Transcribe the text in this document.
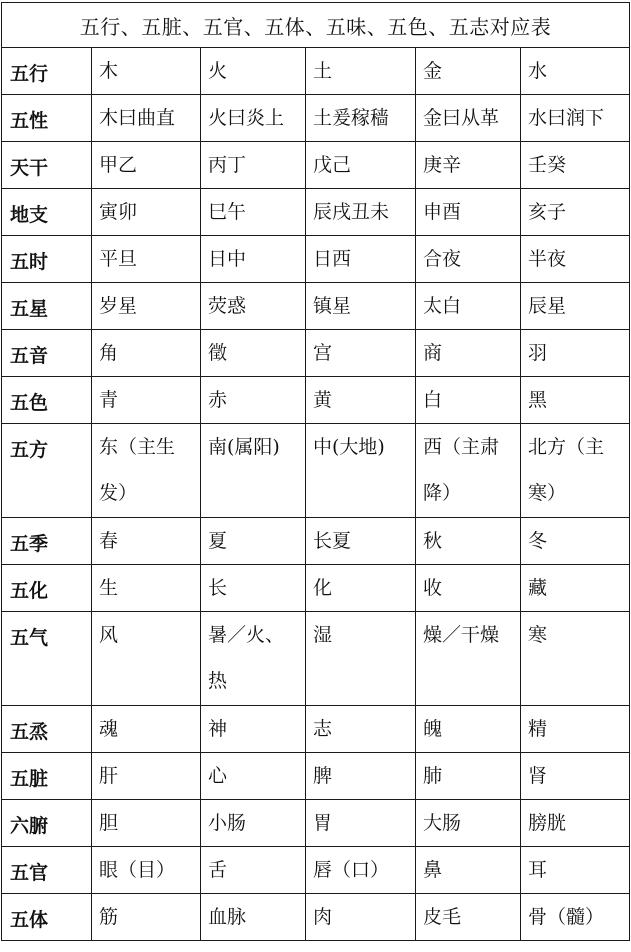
五行、五脏、五官、五体、五味、五色、五志对应表					
五行	木	火	土	金	水
五性	木曰曲直	火曰炎上	土爰稼穑	金曰从革	水曰润下
天干	甲乙	丙丁	戊己	庚辛	壬癸
地支	寅卯	巳午	辰戌丑未	申酉	亥子
五时	平旦	日中	日西	合夜	半夜
五星	岁星	荧惑	镇星	太白	辰星
五音	角	徵	宫	商	羽
五色	青	赤	黄	白	黑
五方	东（主生发）	南(属阳)	中(大地)	西（主肃降）	北方（主寒）
五季	春	夏	长夏	秋	冬
五化	生	长	化	收	藏
五气	风	暑／火、热	湿	燥／干燥	寒
五烝	魂	神	志	魄	精
五脏	肝	心	脾	肺	肾
六腑	胆	小肠	胃	大肠	膀胱
五官	眼（目）	舌	唇（口）	鼻	耳
五体	筋	血脉	肉	皮毛	骨（髓）
